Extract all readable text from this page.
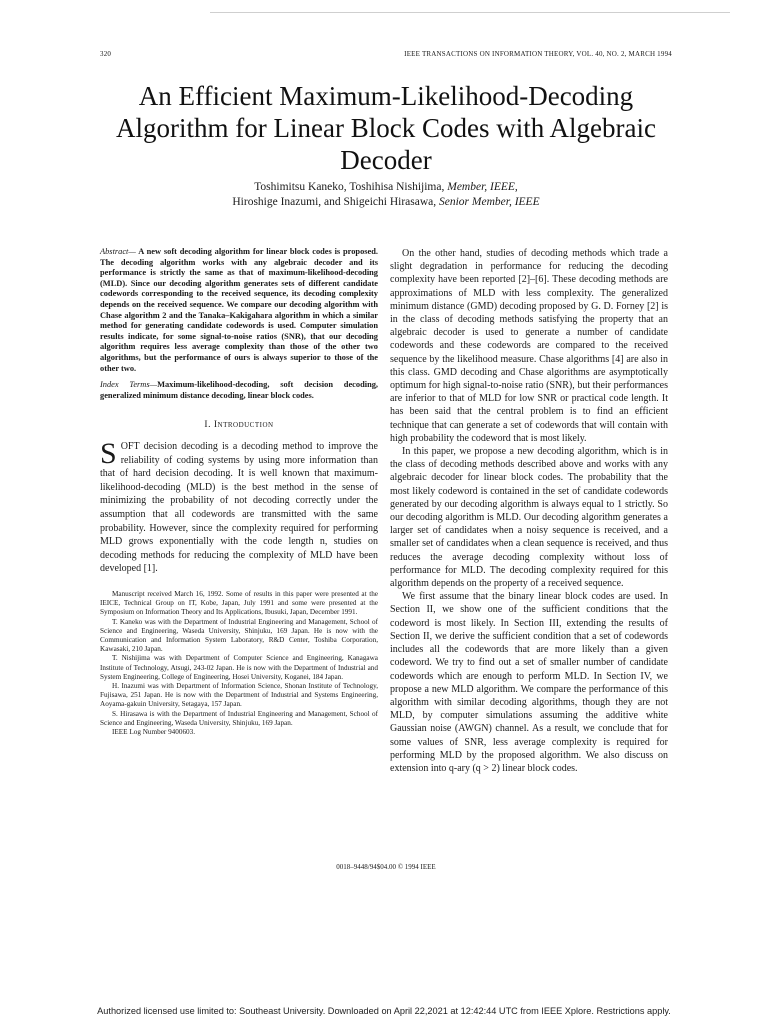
320	IEEE TRANSACTIONS ON INFORMATION THEORY, VOL. 40, NO. 2, MARCH 1994
An Efficient Maximum-Likelihood-Decoding
Algorithm for Linear Block Codes with Algebraic
Decoder
Toshimitsu Kaneko, Toshihisa Nishijima, Member, IEEE,
Hiroshige Inazumi, and Shigeichi Hirasawa, Senior Member, IEEE
Abstract— A new soft decoding algorithm for linear block codes is proposed. The decoding algorithm works with any algebraic decoder and its performance is strictly the same as that of maximum-likelihood-decoding (MLD). Since our decoding algorithm generates sets of different candidate codewords corresponding to the received sequence, its decoding complexity depends on the received sequence. We compare our decoding algorithm with Chase algorithm 2 and the Tanaka–Kakigahara algorithm in which a similar method for generating candidate codewords is used. Computer simulation results indicate, for some signal-to-noise ratios (SNR), that our decoding algorithm requires less average complexity than those of the other two algorithms, but the performance of ours is always superior to those of the other two.
Index Terms—Maximum-likelihood-decoding, soft decision decoding, generalized minimum distance decoding, linear block codes.
I. Introduction
SOFT decision decoding is a decoding method to improve the reliability of coding systems by using more information than that of hard decision decoding. It is well known that maximum-likelihood-decoding (MLD) is the best method in the sense of minimizing the probability of not decoding correctly under the assumption that all codewords are transmitted with the same probability. However, since the complexity required for performing MLD grows exponentially with the code length n, studies on decoding methods for reducing the complexity of MLD have been developed [1].

Manuscript received March 16, 1992. Some of results in this paper were presented at the IEICE, Technical Group on IT, Kobe, Japan, July 1991 and some were presented at the Symposium on Information Theory and Its Applications, Ibusuki, Japan, December 1991.

T. Kaneko was with the Department of Industrial Engineering and Management, School of Science and Engineering, Waseda University, Shinjuku, 169 Japan. He is now with the Communication and Information System Laboratory, R&D Center, Toshiba Corporation, Kawasaki, 210 Japan.

T. Nishijima was with Department of Computer Science and Engineering, Kanagawa Institute of Technology, Atsugi, 243-02 Japan. He is now with the Department of Industrial and System Engineering, College of Engineering, Hosei University, Koganei, 184 Japan.

H. Inazumi was with Department of Information Science, Shonan Institute of Technology, Fujisawa, 251 Japan. He is now with the Department of Industrial and Systems Engineering, Aoyama-gakuin University, Setagaya, 157 Japan.

S. Hirasawa is with the Department of Industrial Engineering and Management, School of Science and Engineering, Waseda University, Shinjuku, 169 Japan.

IEEE Log Number 9400603.

On the other hand, studies of decoding methods which trade a slight degradation in performance for reducing the decoding complexity have been reported [2]–[6]. These decoding methods are approximations of MLD with less complexity. The generalized minimum distance (GMD) decoding proposed by G. D. Forney [2] is in the class of decoding methods satisfying the property that an algebraic decoder is used to generate a number of candidate codewords and these codewords are compared to the received sequence by the likelihood measure. Chase algorithms [4] are also in this class. GMD decoding and Chase algorithms are asymptotically optimum for high signal-to-noise ratio (SNR), but their performances are inferior to that of MLD for low SNR or practical code length. It has been said that the central problem is to find an efficient technique that can generate a set of codewords that will contain with high probability the codeword that is most likely.

In this paper, we propose a new decoding algorithm, which is in the class of decoding methods described above and works with any algebraic decoder for linear block codes. The probability that the most likely codeword is contained in the set of candidate codewords generated by our decoding algorithm is always equal to 1 strictly. So our decoding algorithm is MLD. Our decoding algorithm generates a larger set of candidates when a noisy sequence is received, and a smaller set of candidates when a clean sequence is received, and thus reduces the average decoding complexity without loss of performance for MLD. The decoding complexity required for this algorithm depends on the property of a received sequence.

We first assume that the binary linear block codes are used. In Section II, we show one of the sufficient conditions that the codeword is most likely. In Section III, extending the results of Section II, we derive the sufficient condition that a set of codewords includes all the codewords that are more likely than a given codeword. We try to find out a set of smaller number of candidate codewords which are enough to perform MLD. In Section IV, we propose a new MLD algorithm. We compare the performance of this algorithm with similar decoding algorithms, though they are not MLD, by computer simulations assuming the additive white Gaussian noise (AWGN) channel. As a result, we conclude that for some values of SNR, less average complexity is required for performing MLD by the proposed algorithm. We also discuss on extension into q-ary (q > 2) linear block codes.

0018–9448/94$04.00 © 1994 IEEE
Authorized licensed use limited to: Southeast University. Downloaded on April 22,2021 at 12:42:44 UTC from IEEE Xplore. Restrictions apply.
